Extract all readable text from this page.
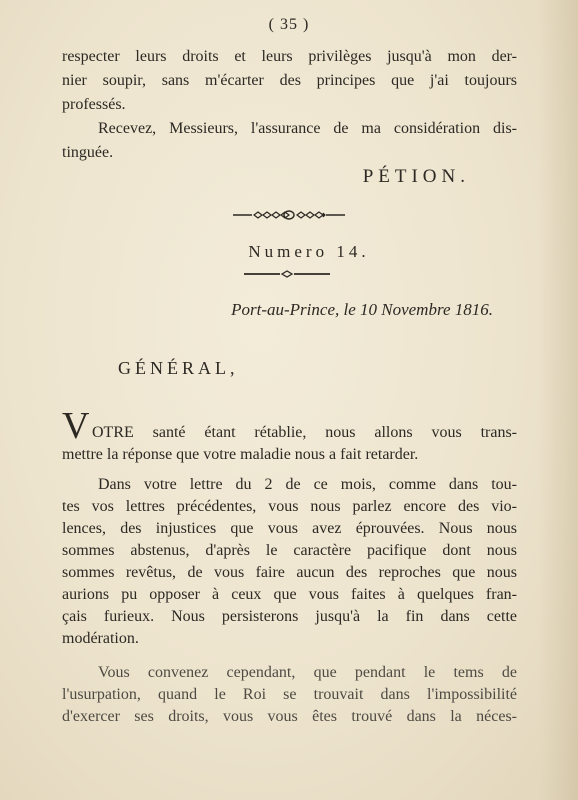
( 35 )
respecter leurs droits et leurs privilèges jusqu'à mon der-
nier soupir, sans m'écarter des principes que j'ai toujours
professés.
Recevez, Messieurs, l'assurance de ma considération dis-
tinguée.
PÉTION.
Numero 14.
Port-au-Prince, le 10 Novembre 1816.
GÉNÉRAL,
V OTRE santé étant rétablie, nous allons vous trans-
mettre la réponse que votre maladie nous a fait retarder.
Dans votre lettre du 2 de ce mois, comme dans tou-
tes vos lettres précédentes, vous nous parlez encore des vio-
lences, des injustices que vous avez éprouvées. Nous nous
sommes abstenus, d'après le caractère pacifique dont nous
sommes revêtus, de vous faire aucun des reproches que nous
aurions pu opposer à ceux que vous faites à quelques fran-
çais furieux. Nous persisterons jusqu'à la fin dans cette
modération.
Vous convenez cependant, que pendant le tems de
l'usurpation, quand le Roi se trouvait dans l'impossibilité
d'exercer ses droits, vous vous êtes trouvé dans la néces-
